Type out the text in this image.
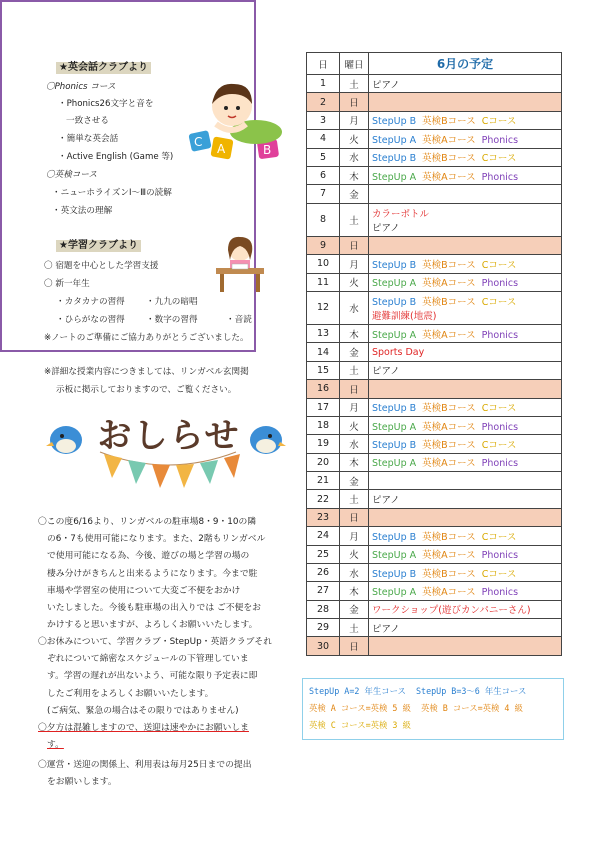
★英会話クラブより
〇Phonics コース
・Phonics26文字と音を
一致させる
・簡単な英会話
・Active English (Game 等)
〇英検コース
・ニューホライズンⅠ～Ⅲの読解
・英文法の理解
★学習クラブより
〇 宿題を中心とした学習支援
〇 新一年生
・カタカナの習得 ・九九の暗唱
・ひらがなの習得 ・数字の習得	・音読
※ノートのご準備にご協力ありがとうございました。
※詳細な授業内容につきましては、リンガベル玄関掲
示板に掲示しておりますので、ご覧ください。
C A	B
おしらせ

〇この度6/16より、リンガベルの駐車場8・9・10の隣

の6・7も使用可能になります。また、2階もリンガベル

で使用可能になる為、今後、遊びの場と学習の場の

棲み分けがきちんと出来るようになります。今まで駐

車場や学習室の使用について大変ご不便をおかけ

いたしました。今後も駐車場の出入りでは ご不便をお

かけすると思いますが、よろしくお願いいたします。

〇お休みについて、学習クラブ・StepUp・英語クラブそれ

ぞれについて綿密なスケジュールの下管理していま

す。学習の遅れが出ないよう、可能な限り予定表に即

したご利用をよろしくお願いいたします。

(ご病気、緊急の場合はその限りではありません)

〇夕方は混雑しますので、送迎は速やかにお願いしま

す。

〇運営・送迎の関係上、利用表は毎月25日までの提出

をお願いします。

日	曜日	6月の予定
1	土	ピアノ

2	日	

3	月	StepUp B 英検Bコース Cコース

4	火	StepUp A 英検Aコース Phonics

5	水	StepUp B 英検Bコース Cコース

6	木	StepUp A 英検Aコース Phonics

7	金	

8	土	カラーボトル
ピアノ

9	日	

10	月	StepUp B 英検Bコース Cコース

11	火	StepUp A 英検Aコース Phonics

12	水	StepUp B 英検Bコース Cコース
避難訓練(地震)

13	木	StepUp A 英検Aコース Phonics

14	金	Sports Day

15	土	ピアノ

16	日	

17	月	StepUp B 英検Bコース Cコース

18	火	StepUp A 英検Aコース Phonics

19	水	StepUp B 英検Bコース Cコース

20	木	StepUp A 英検Aコース Phonics

21	金	

22	土	ピアノ

23	日	

24	月	StepUp B 英検Bコース Cコース

25	火	StepUp A 英検Aコース Phonics

26	水	StepUp B 英検Bコース Cコース

27	木	StepUp A 英検Aコース Phonics

28	金	ワークショップ(遊びカンパニーさん)

29	土	ピアノ

30	日	
StepUp A=2 年生コース StepUp B=3～6 年生コース
英検 A コース=英検 5 級 英検 B コース=英検 4 級
英検 C コース=英検 3 級
